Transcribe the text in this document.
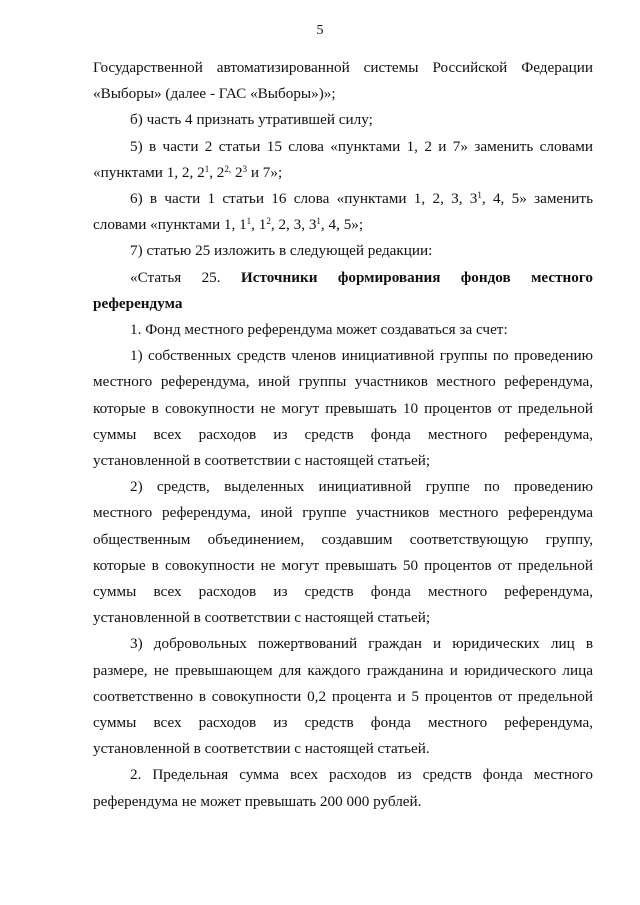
5

Государственной автоматизированной системы Российской Федерации

«Выборы» (далее - ГАС «Выборы»)»;

б) часть 4 признать утратившей силу;

5) в части 2 статьи 15 слова «пунктами 1, 2 и 7» заменить словами «пунктами 1, 2, $2^1$, $2^{2,}$ $2^3$ и 7»;

6) в части 1 статьи 16 слова «пунктами 1, 2, 3, $3^1$, 4, 5» заменить словами «пунктами 1, $1^1$, $1^2$, 2, 3, $3^1$, 4, 5»;

7) статью 25 изложить в следующей редакции:

«Статья 25. Источники формирования фондов местного референдума

1. Фонд местного референдума может создаваться за счет:

1) собственных средств членов инициативной группы по проведению местного референдума, иной группы участников местного референдума, которые в совокупности не могут превышать 10 процентов от предельной суммы всех расходов из средств фонда местного референдума, установленной в соответствии с настоящей статьей;

2) средств, выделенных инициативной группе по проведению местного референдума, иной группе участников местного референдума общественным объединением, создавшим соответствующую группу, которые в совокупности не могут превышать 50 процентов от предельной суммы всех расходов из средств фонда местного референдума, установленной в соответствии с настоящей статьей;

3) добровольных пожертвований граждан и юридических лиц в размере, не превышающем для каждого гражданина и юридического лица соответственно в совокупности 0,2 процента и 5 процентов от предельной суммы всех расходов из средств фонда местного референдума, установленной в соответствии с настоящей статьей.

2. Предельная сумма всех расходов из средств фонда местного референдума не может превышать 200 000 рублей.
